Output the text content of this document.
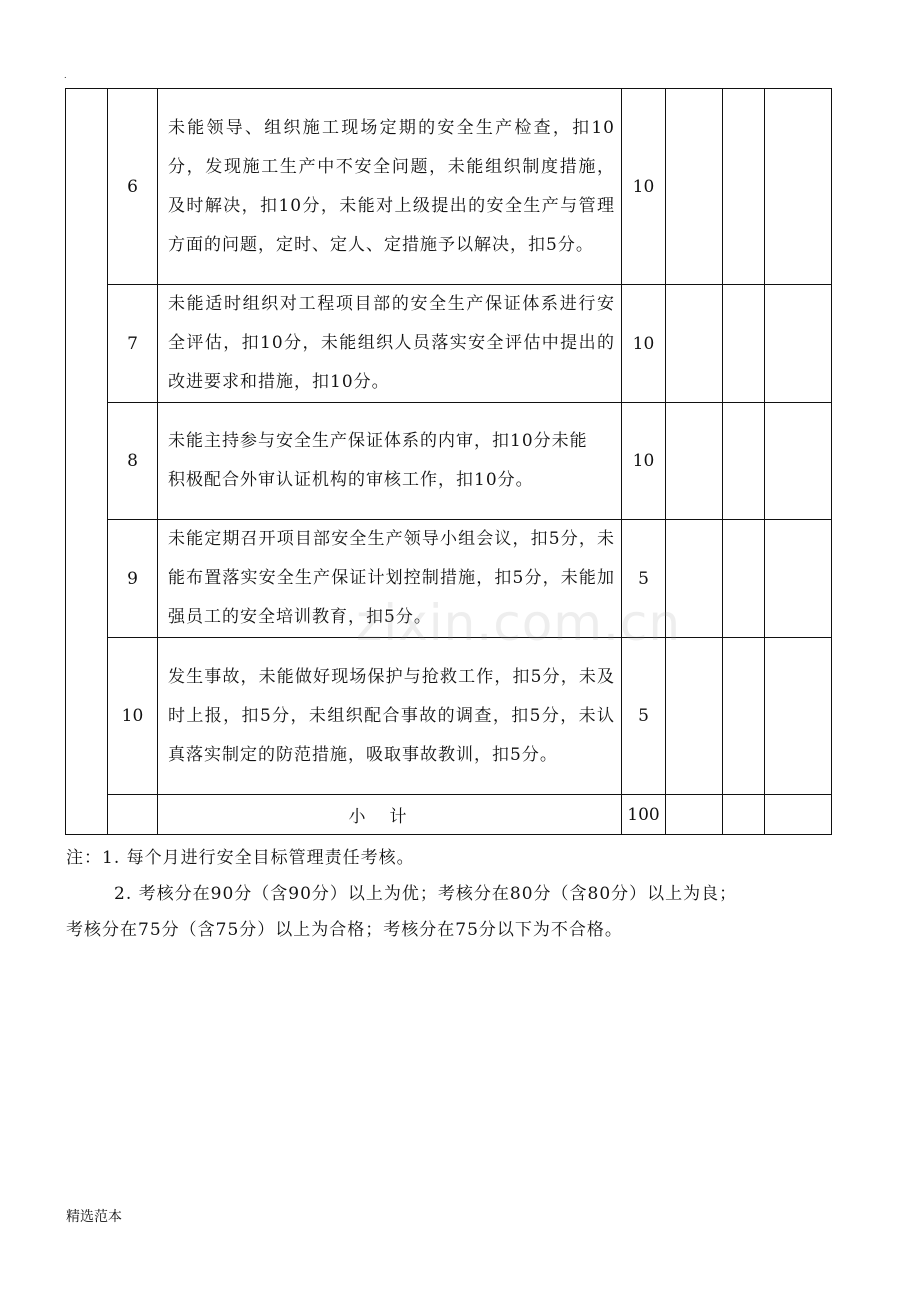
.
	6	未能领导、组织施工现场定期的安全生产检查，扣10分，发现施工生产中不安全问题，未能组织制度措施，及时解决，扣10分，未能对上级提出的安全生产与管理方面的问题，定时、定人、定措施予以解决，扣5分。	10			
	7	未能适时组织对工程项目部的安全生产保证体系进行安全评估，扣10分，未能组织人员落实安全评估中提出的改进要求和措施，扣10分。	10			
	8	未能主持参与安全生产保证体系的内审，扣10分未能
积极配合外审认证机构的审核工作，扣10分。	10			
	9	未能定期召开项目部安全生产领导小组会议，扣5分，未能布置落实安全生产保证计划控制措施，扣5分，未能加强员工的安全培训教育，扣5分。	5			
	10	发生事故，未能做好现场保护与抢救工作，扣5分，未及时上报，扣5分，未组织配合事故的调查，扣5分，未认真落实制定的防范措施，吸取事故教训，扣5分。	5			
		小计	100			
zixin.com.cn
注：1. 每个月进行安全目标管理责任考核。
2. 考核分在90分（含90分）以上为优；考核分在80分（含80分）以上为良；
考核分在75分（含75分）以上为合格；考核分在75分以下为不合格。
精选范本
